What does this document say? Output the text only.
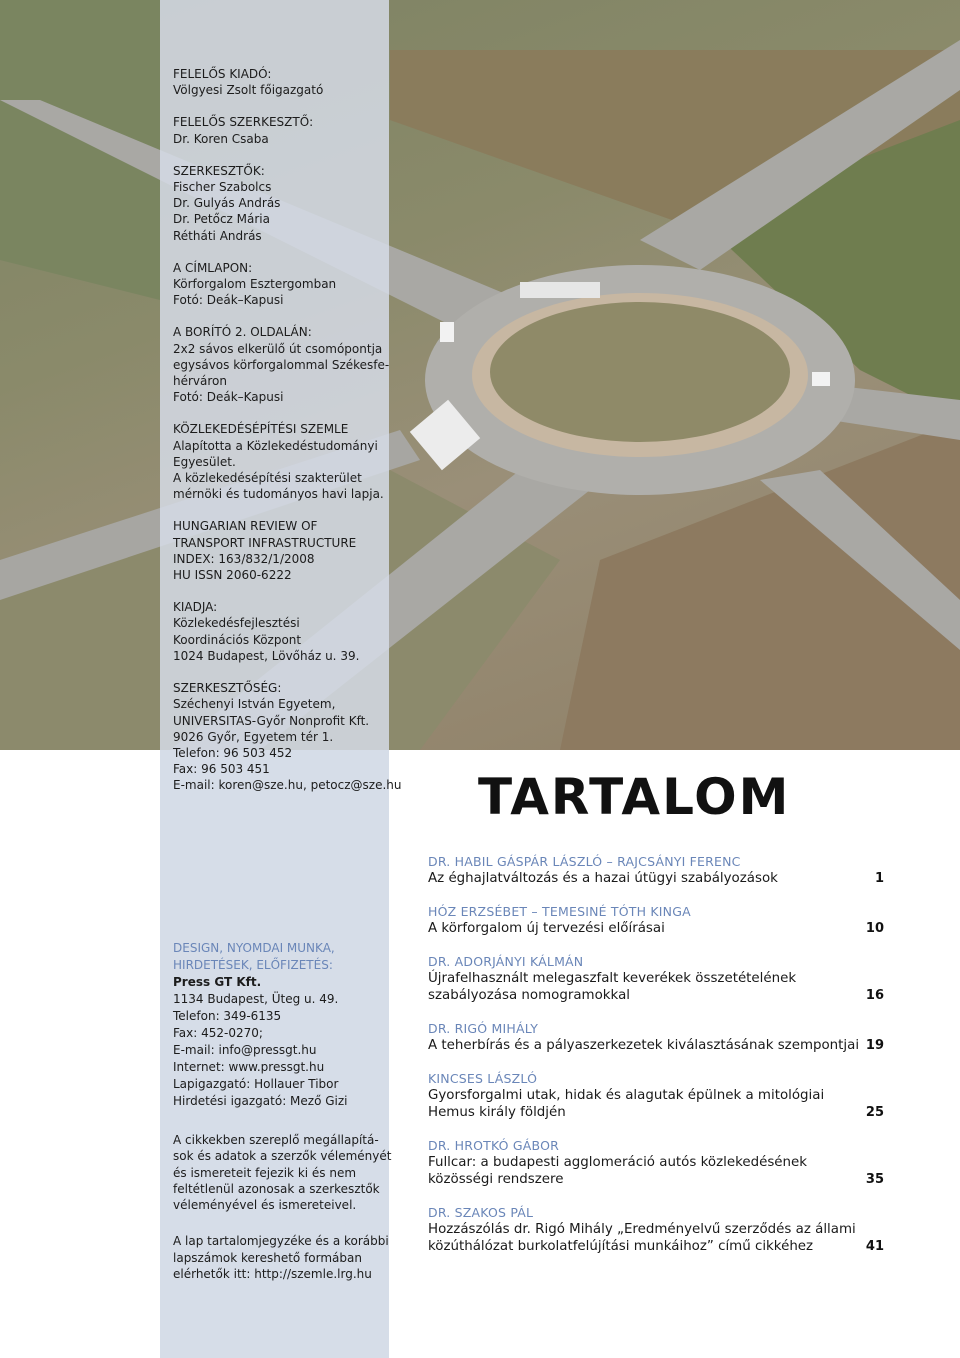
FELELŐS KIADÓ:
Völgyesi Zsolt főigazgató
FELELŐS SZERKESZTŐ:
Dr. Koren Csaba
SZERKESZTŐK:
Fischer Szabolcs
Dr. Gulyás András
Dr. Petőcz Mária
Rétháti András
A CÍMLAPON:
Körforgalom Esztergomban
Fotó: Deák–Kapusi
A BORÍTÓ 2. OLDALÁN:
2x2 sávos elkerülő út csomópontja
egysávos körforgalommal Székesfe-
hérváron
Fotó: Deák–Kapusi
KÖZLEKEDÉSÉPÍTÉSI SZEMLE
Alapította a Közlekedéstudományi
Egyesület.
A közlekedésépítési szakterület
mérnöki és tudományos havi lapja.
HUNGARIAN REVIEW OF
TRANSPORT INFRASTRUCTURE
INDEX: 163/832/1/2008
HU ISSN 2060-6222
KIADJA:
Közlekedésfejlesztési
Koordinációs Központ
1024 Budapest, Lövőház u. 39.
SZERKESZTŐSÉG:
Széchenyi István Egyetem,
UNIVERSITAS-Győr Nonprofit Kft.
9026 Győr, Egyetem tér 1.
Telefon: 96 503 452
Fax: 96 503 451
E-mail: koren@sze.hu, petocz@sze.hu
DESIGN, NYOMDAI MUNKA,
HIRDETÉSEK, ELŐFIZETÉS:
Press GT Kft.
1134 Budapest, Üteg u. 49.
Telefon: 349-6135
Fax: 452-0270;
E-mail: info@pressgt.hu
Internet: www.pressgt.hu
Lapigazgató: Hollauer Tibor
Hirdetési igazgató: Mező Gizi
A cikkekben szereplő megállapítá-
sok és adatok a szerzők véleményét
és ismereteit fejezik ki és nem
feltétlenül azonosak a szerkesztők
véleményével és ismereteivel.
A lap tartalomjegyzéke és a korábbi
lapszámok kereshető formában
elérhetők itt: http://szemle.lrg.hu
TARTALOM
DR. HABIL GÁSPÁR LÁSZLÓ – RAJCSÁNYI FERENC
Az éghajlatváltozás és a hazai útügyi szabályozások	1
HÓZ ERZSÉBET – TEMESINÉ TÓTH KINGA
A körforgalom új tervezési előírásai	10
DR. ADORJÁNYI KÁLMÁN
Újrafelhasznált melegaszfalt keverékek összetételének
szabályozása nomogramokkal	16
DR. RIGÓ MIHÁLY
A teherbírás és a pályaszerkezetek kiválasztásának szempontjai 19
KINCSES LÁSZLÓ
Gyorsforgalmi utak, hidak és alagutak épülnek a mitológiai
Hemus király földjén	25
DR. HROTKÓ GÁBOR
Fullcar: a budapesti agglomeráció autós közlekedésének
közösségi rendszere	35
DR. SZAKOS PÁL
Hozzászólás dr. Rigó Mihály „Eredményelvű szerződés az állami
közúthálózat burkolatfelújítási munkáihoz” című cikkéhez	41
